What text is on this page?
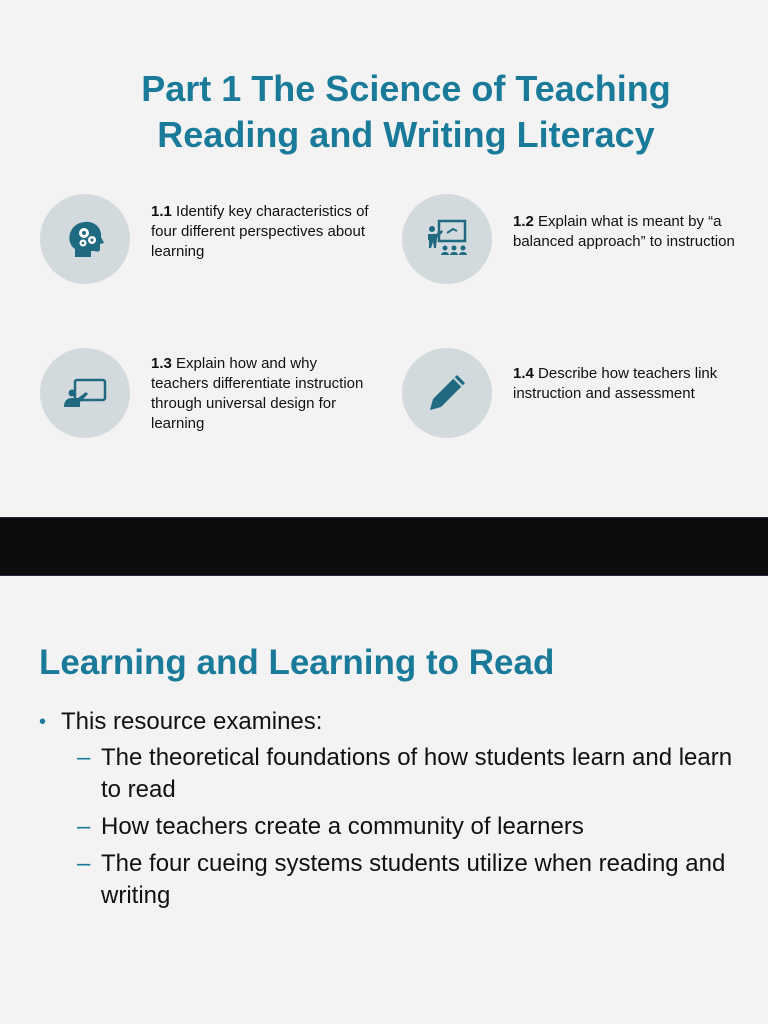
Part 1 The Science of Teaching
Reading and Writing Literacy
1.1 Identify key characteristics of four different perspectives about learning
1.2 Explain what is meant by “a balanced approach” to instruction
1.3 Explain how and why teachers differentiate instruction through universal design for learning
1.4 Describe how teachers link instruction and assessment
Learning and Learning to Read
• This resource examines:
– The theoretical foundations of how students learn and learn to read
– How teachers create a community of learners
– The four cueing systems students utilize when reading and writing
